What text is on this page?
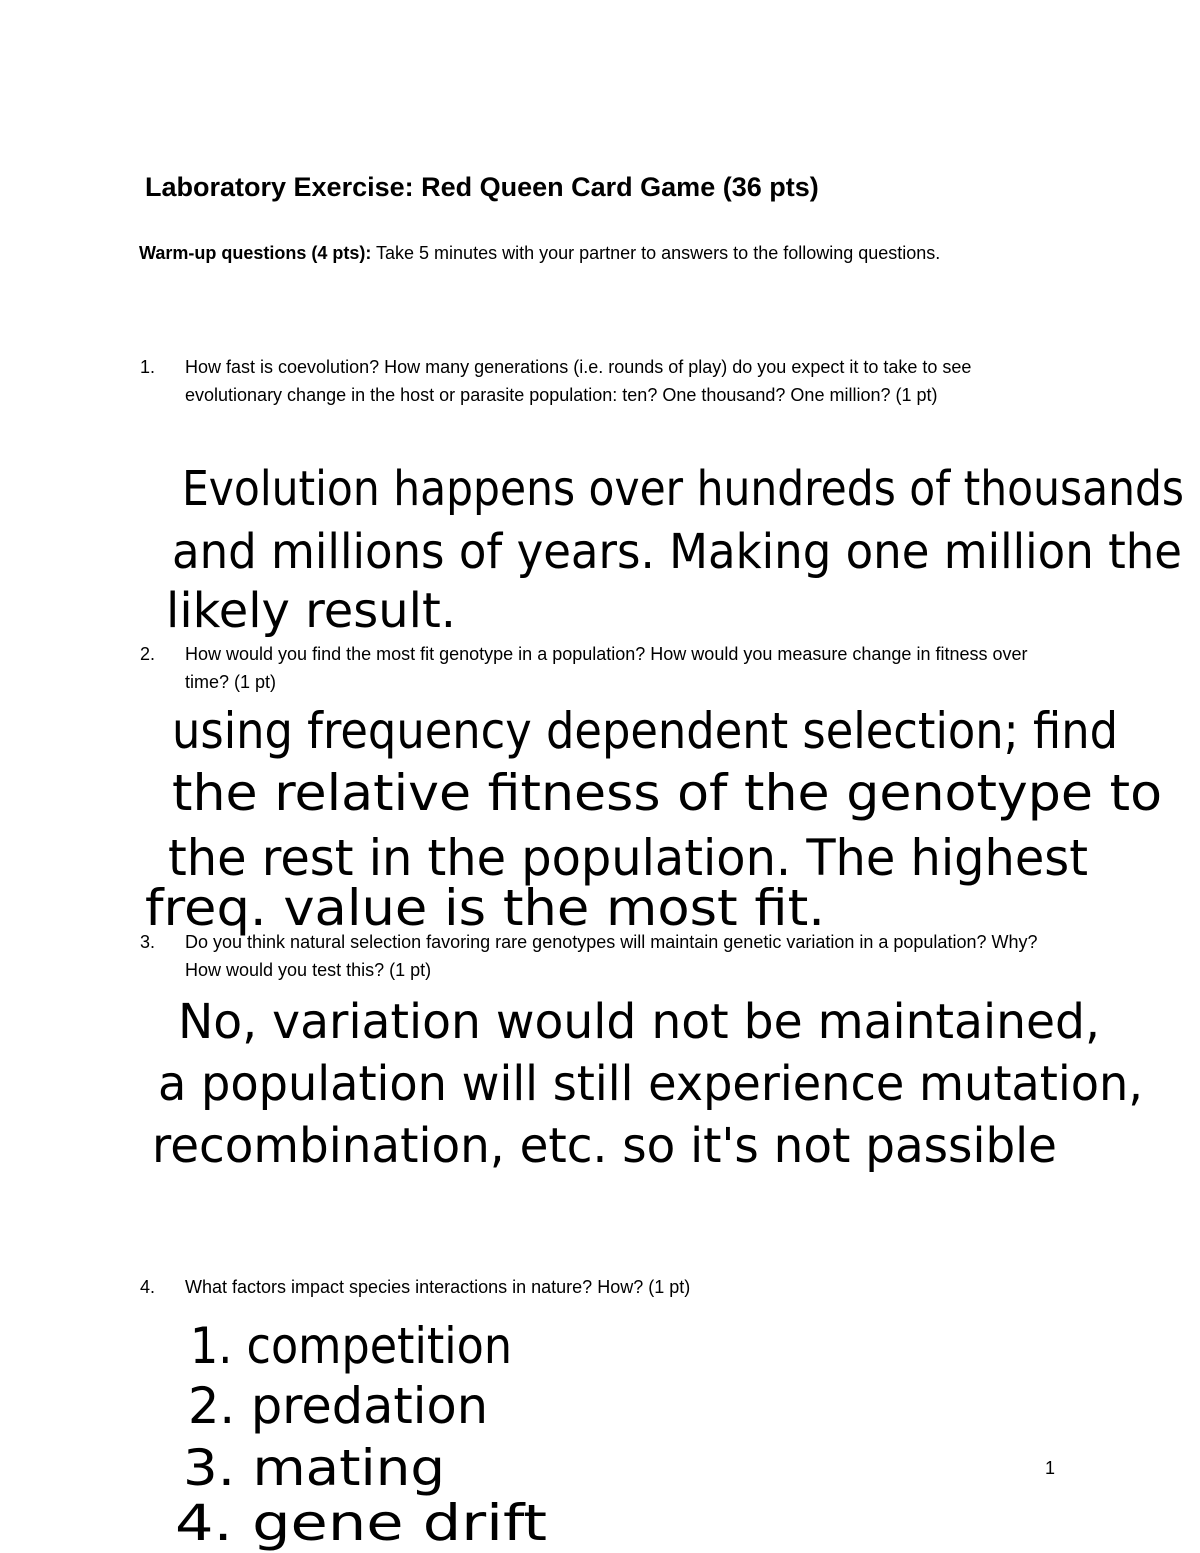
Laboratory Exercise: Red Queen Card Game (36 pts)
Warm-up questions (4 pts): Take 5 minutes with your partner to answers to the following questions.
1. How fast is coevolution? How many generations (i.e. rounds of play) do you expect it to take to see evolutionary change in the host or parasite population: ten? One thousand? One million? (1 pt)
2. How would you find the most fit genotype in a population? How would you measure change in fitness over time? (1 pt)
3. Do you think natural selection favoring rare genotypes will maintain genetic variation in a population? Why? How would you test this? (1 pt)
4. What factors impact species interactions in nature? How? (1 pt)
Evolution happens over hundreds of thousands
and millions of years. Making one million the
likely result.
using frequency dependent selection; find
the relative fitness of the genotype to
the rest in the population. The highest
freq. value is the most fit.
No, variation would not be maintained,
a population will still experience mutation,
recombination, etc. so it's not passible
1. competition
2. predation
3. mating
4. gene drift
1
